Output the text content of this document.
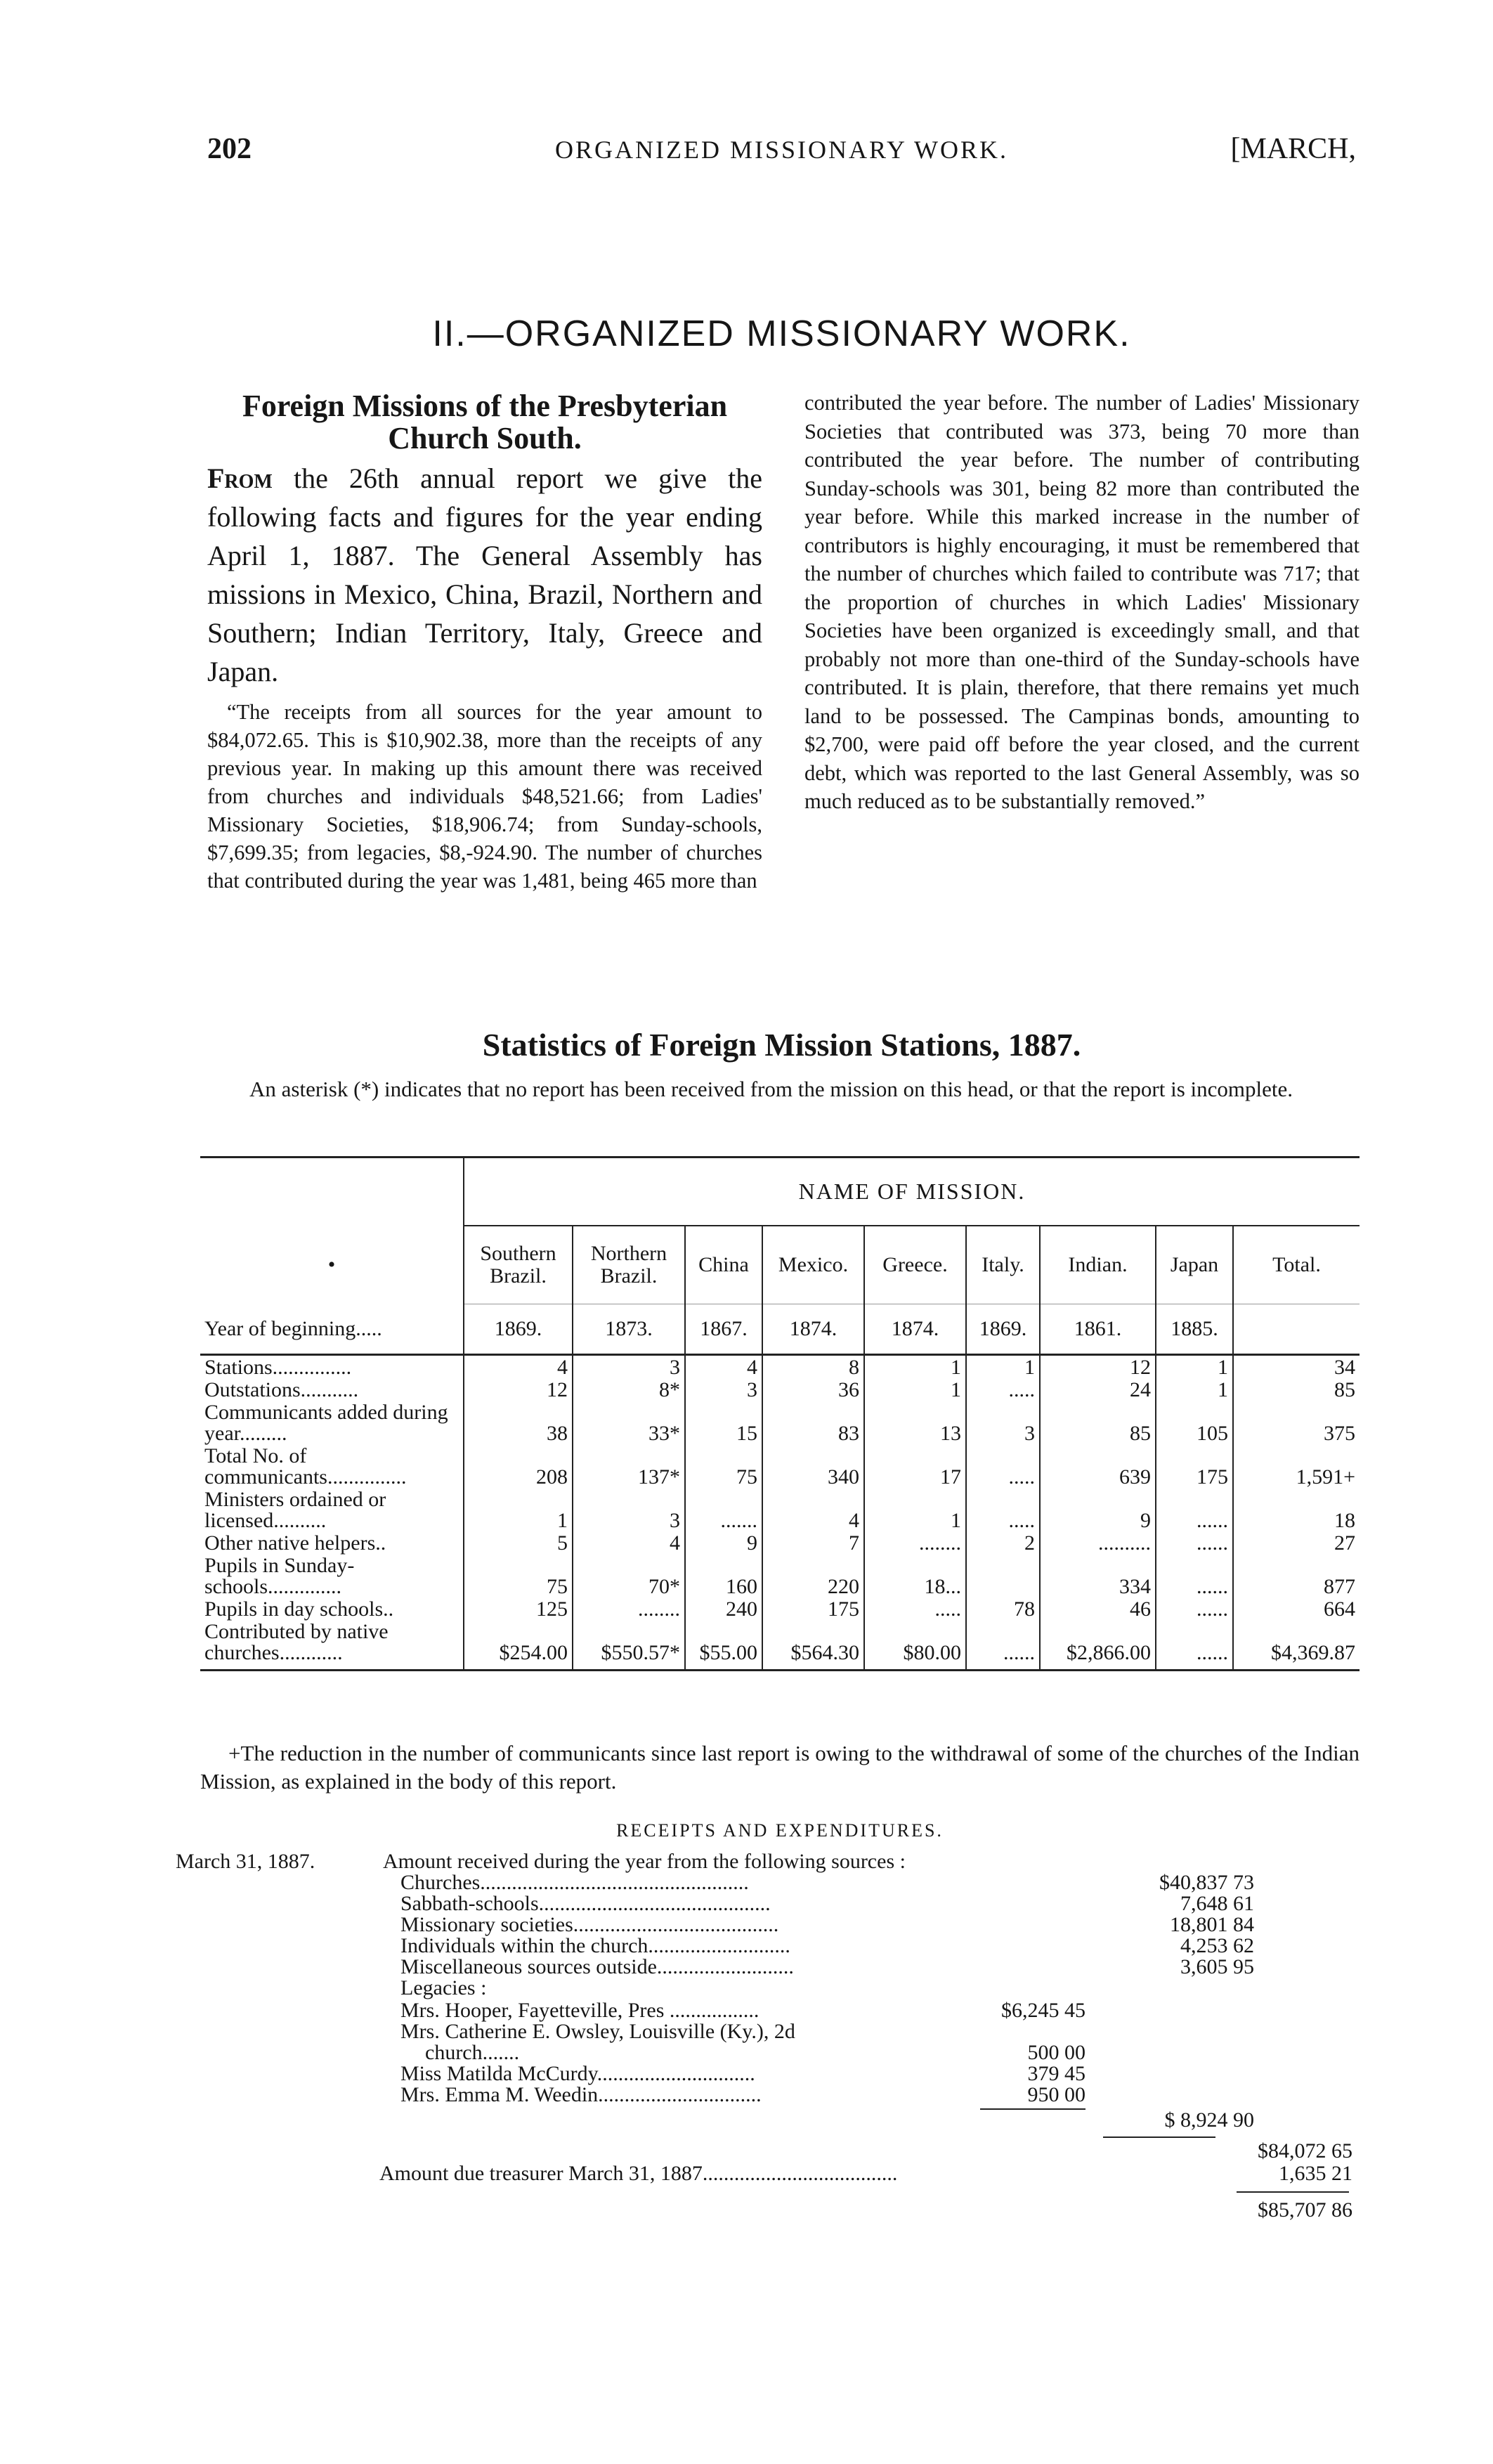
202	ORGANIZED MISSIONARY WORK.	[MARCH,
II.—ORGANIZED MISSIONARY WORK.
Foreign Missions of the Presbyterian
Church South.

From the 26th annual report we give the following facts and figures for the year ending April 1, 1887. The General Assembly has missions in Mexico, China, Brazil, Northern and Southern; Indian Territory, Italy, Greece and Japan.

“The receipts from all sources for the year amount to $84,072.65. This is $10,902.38, more than the receipts of any previous year. In making up this amount there was received from churches and individuals $48,521.66; from Ladies' Missionary Societies, $18,906.74; from Sunday-schools, $7,699.35; from legacies, $8,-924.90. The number of churches that contributed during the year was 1,481, being 465 more than

contributed the year before. The number of Ladies' Missionary Societies that contributed was 373, being 70 more than contributed the year before. The number of contributing Sunday-schools was 301, being 82 more than contributed the year before. While this marked increase in the number of contributors is highly encouraging, it must be remembered that the number of churches which failed to contribute was 717; that the proportion of churches in which Ladies' Missionary Societies have been organized is exceedingly small, and that probably not more than one-third of the Sunday-schools have contributed. It is plain, therefore, that there remains yet much land to be possessed. The Campinas bonds, amounting to $2,700, were paid off before the year closed, and the current debt, which was reported to the last General Assembly, was so much reduced as to be substantially removed.”

Statistics of Foreign Mission Stations, 1887.
An asterisk (*) indicates that no report has been received from the mission on this head, or that the report is incomplete.
	NAME OF MISSION.								
•	Southern Brazil.	Northern Brazil.	China	Mexico.	Greece.	Italy.	Indian.	Japan	Total.
Year of beginning.....	1869.	1873.	1867.	1874.	1874.	1869.	1861.	1885.	
Stations...............	4	3	4	8	1	1	12	1	34
Outstations...........	12	8*	3	36	1	.....	24	1	85
Communicants added during year.........	38	33*	15	83	13	3	85	105	375
Total No. of communicants...............	208	137*	75	340	17	.....	639	175	1,591+
Ministers ordained or licensed..........	1	3	.......	4	1	.....	9	......	18
Other native helpers..	5	4	9	7	........	2	..........	......	27
Pupils in Sunday-schools..............	75	70*	160	220	18...		334	......	877
Pupils in day schools..	125	........	240	175	.....	78	46	......	664
Contributed by native churches............	$254.00	$550.57*	$55.00	$564.30	$80.00	......	$2,866.00	......	$4,369.87
+The reduction in the number of communicants since last report is owing to the withdrawal of some of the churches of the Indian Mission, as explained in the body of this report.
RECEIPTS AND EXPENDITURES.
March 31, 1887.	Amount received during the year from the following sources :
Churches...................................................	$40,837 73
Sabbath-schools............................................	7,648 61
Missionary societies.......................................	18,801 84
Individuals within the church...........................	4,253 62
Miscellaneous sources outside..........................	3,605 95
Legacies :
Mrs. Hooper, Fayetteville, Pres .................	$6,245 45
Mrs. Catherine E. Owsley, Louisville (Ky.), 2d
church.......	500 00
Miss Matilda McCurdy..............................	379 45
Mrs. Emma M. Weedin...............................	950 00
$ 8,924 90
$84,072 65
Amount due treasurer March 31, 1887.....................................	1,635 21
$85,707 86
